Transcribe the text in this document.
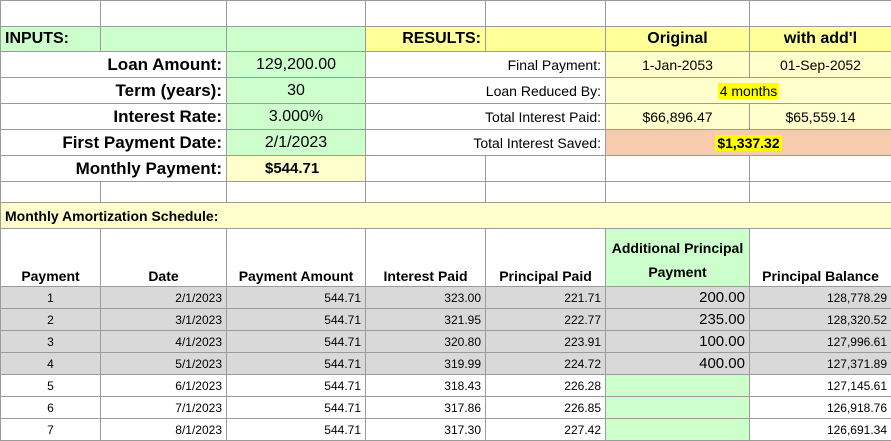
INPUTS:			RESULTS:		Original	with add'l
Loan Amount:		129,200.00	Final Payment:		1-Jan-2053	01-Sep-2052
Term (years):		30	Loan Reduced By:		4 months	
Interest Rate:		3.000%	Total Interest Paid:		$66,896.47	$65,559.14
First Payment Date:		2/1/2023	Total Interest Saved:		$1,337.32	
Monthly Payment:		$544.71				

Monthly Amortization Schedule:						
Payment	Date	Payment Amount	Interest Paid	Principal Paid	Additional Principal Payment	Principal Balance
1	2/1/2023	544.71	323.00	221.71	200.00	128,778.29
2	3/1/2023	544.71	321.95	222.77	235.00	128,320.52
3	4/1/2023	544.71	320.80	223.91	100.00	127,996.61
4	5/1/2023	544.71	319.99	224.72	400.00	127,371.89
5	6/1/2023	544.71	318.43	226.28		127,145.61
6	7/1/2023	544.71	317.86	226.85		126,918.76
7	8/1/2023	544.71	317.30	227.42		126,691.34
